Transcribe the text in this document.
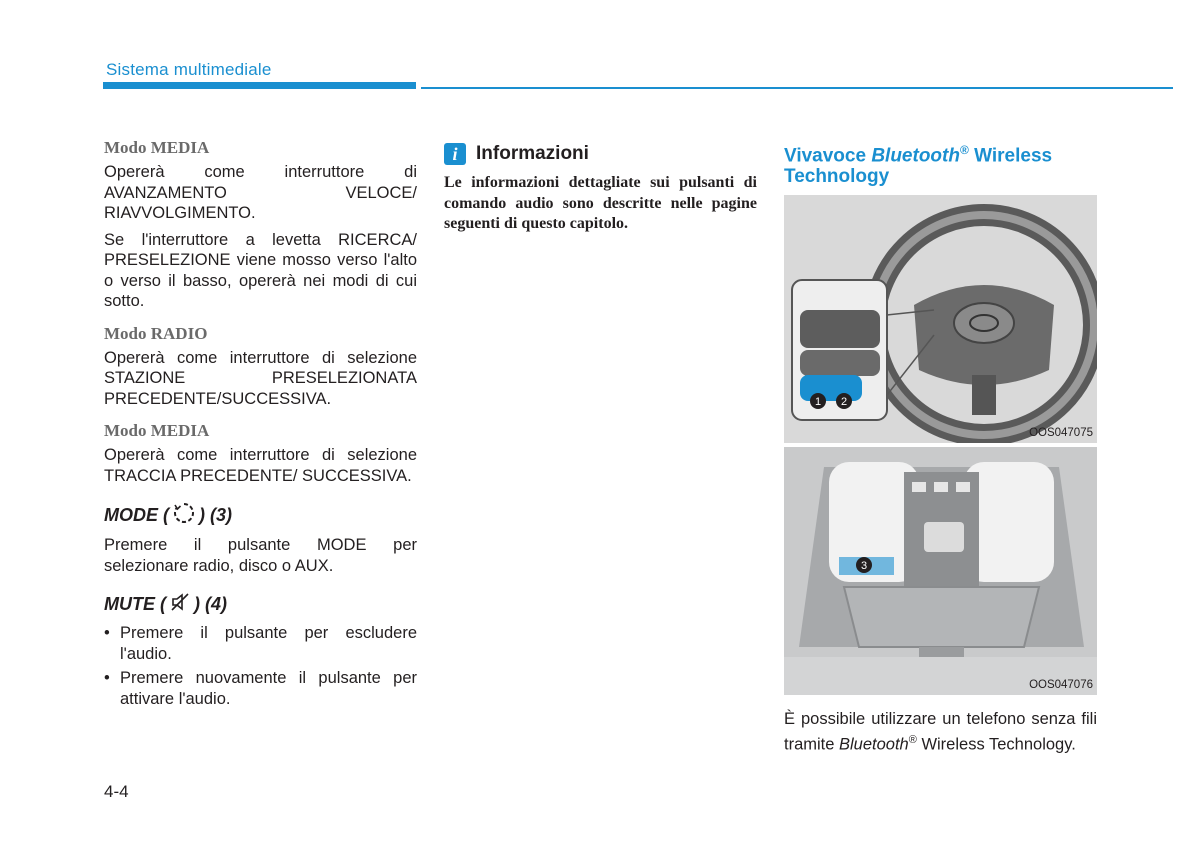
Sistema multimediale
Modo MEDIA

Opererà come interruttore di AVANZAMENTO VELOCE/ RIAVVOLGIMENTO.

Se l'interruttore a levetta RICERCA/ PRESELEZIONE viene mosso verso l'alto o verso il basso, opererà nei modi di cui sotto.

Modo RADIO

Opererà come interruttore di selezione STAZIONE PRESELEZIONATA PRECEDENTE/SUCCESSIVA.

Modo MEDIA

Opererà come interruttore di selezione TRACCIA PRECEDENTE/ SUCCESSIVA.

MODE ( ) (3)

Premere il pulsante MODE per selezionare radio, disco o AUX.

MUTE ( ) (4)
• Premere il pulsante per escludere l'audio.
• Premere nuovamente il pulsante per attivare l'audio.
4-4
i Informazioni

Le informazioni dettagliate sui pulsanti di comando audio sono descritte nelle pagine seguenti di questo capitolo.

Vivavoce Bluetooth® Wireless Technology
1 2
OOS047075
3
OOS047076

È possibile utilizzare un telefono senza fili tramite Bluetooth® Wireless Technology.
